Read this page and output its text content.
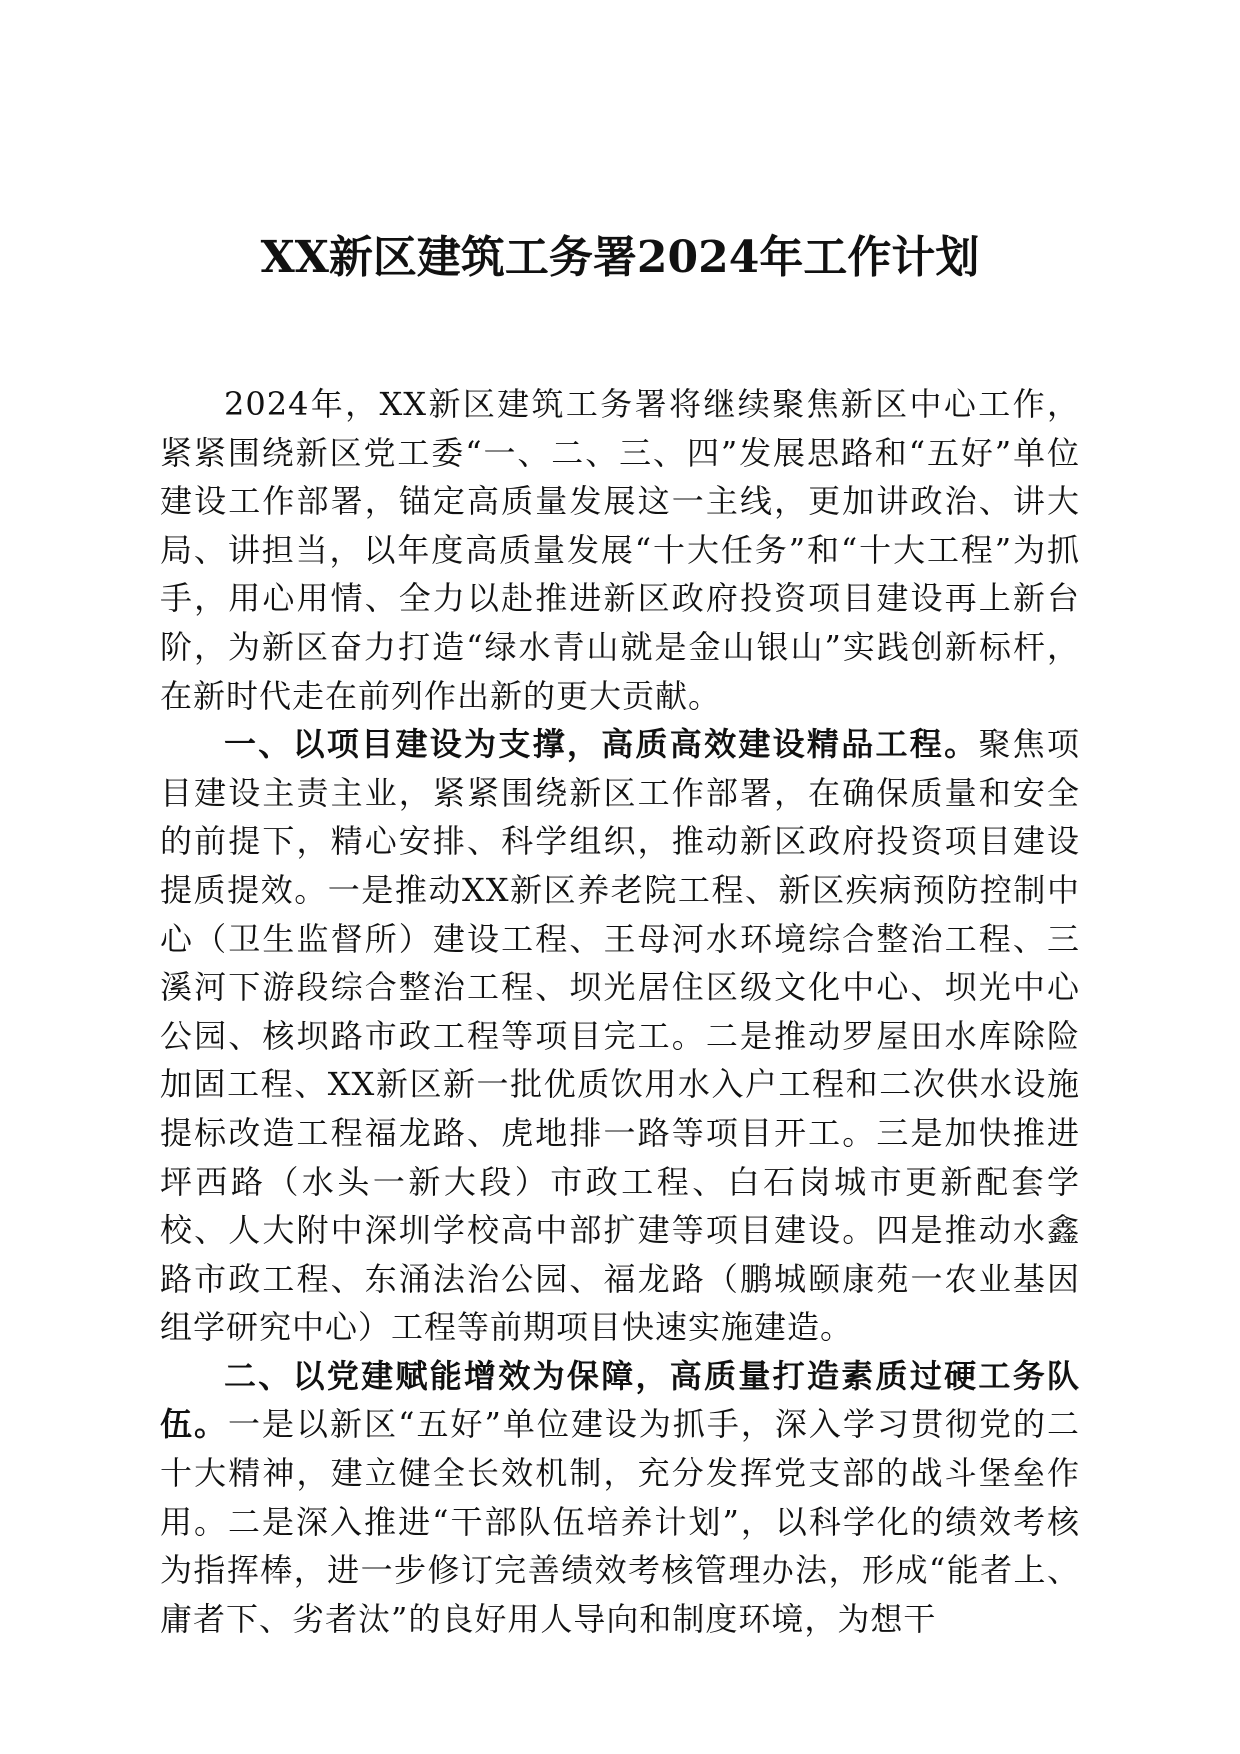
XX新区建筑工务署2024年工作计划

2024年，XX新区建筑工务署将继续聚焦新区中心工作，紧紧围绕新区党工委“一、二、三、四”发展思路和“五好”单位建设工作部署，锚定高质量发展这一主线，更加讲政治、讲大局、讲担当，以年度高质量发展“十大任务”和“十大工程”为抓手，用心用情、全力以赴推进新区政府投资项目建设再上新台阶，为新区奋力打造“绿水青山就是金山银山”实践创新标杆，在新时代走在前列作出新的更大贡献。

一、以项目建设为支撑，高质高效建设精品工程。聚焦项目建设主责主业，紧紧围绕新区工作部署，在确保质量和安全的前提下，精心安排、科学组织，推动新区政府投资项目建设提质提效。一是推动XX新区养老院工程、新区疾病预防控制中心（卫生监督所）建设工程、王母河水环境综合整治工程、三溪河下游段综合整治工程、坝光居住区级文化中心、坝光中心公园、核坝路市政工程等项目完工。二是推动罗屋田水库除险加固工程、XX新区新一批优质饮用水入户工程和二次供水设施提标改造工程福龙路、虎地排一路等项目开工。三是加快推进坪西路（水头一新大段）市政工程、白石岗城市更新配套学校、人大附中深圳学校高中部扩建等项目建设。四是推动水鑫路市政工程、东涌法治公园、福龙路（鹏城颐康苑一农业基因组学研究中心）工程等前期项目快速实施建造。

二、以党建赋能增效为保障，高质量打造素质过硬工务队伍。一是以新区“五好”单位建设为抓手，深入学习贯彻党的二十大精神，建立健全长效机制，充分发挥党支部的战斗堡垒作用。二是深入推进“干部队伍培养计划”，以科学化的绩效考核为指挥棒，进一步修订完善绩效考核管理办法，形成“能者上、庸者下、劣者汰”的良好用人导向和制度环境，为想干
